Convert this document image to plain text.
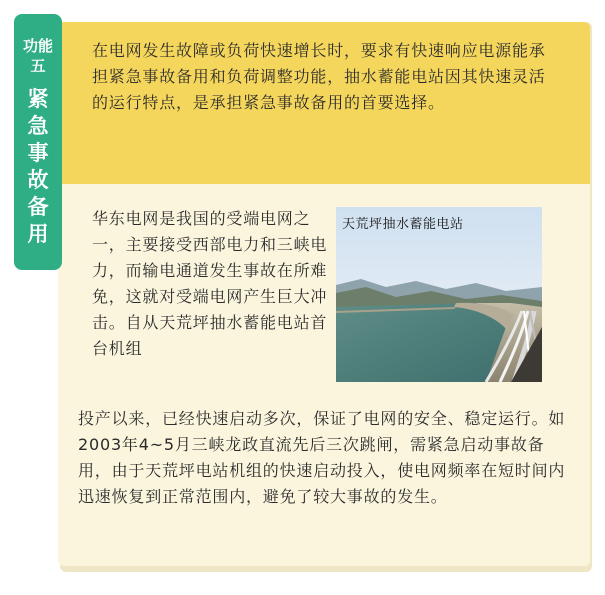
功能
五
紧
急
事
故
备
用

在电网发生故障或负荷快速增长时，要求有快速响应电源能承担紧急事故备用和负荷调整功能，抽水蓄能电站因其快速灵活的运行特点，是承担紧急事故备用的首要选择。

华东电网是我国的受端电网之一，主要接受西部电力和三峡电力，而输电通道发生事故在所难免，这就对受端电网产生巨大冲击。自从天荒坪抽水蓄能电站首台机组

天荒坪抽水蓄能电站

投产以来，已经快速启动多次，保证了电网的安全、稳定运行。如2003年4~5月三峡龙政直流先后三次跳闸，需紧急启动事故备用，由于天荒坪电站机组的快速启动投入，使电网频率在短时间内迅速恢复到正常范围内，避免了较大事故的发生。
